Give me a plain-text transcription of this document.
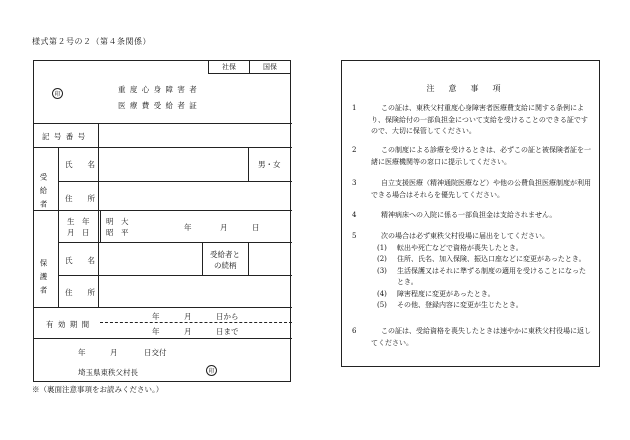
様式第２号の２（第４条関係）
社保	国保
印
重 度 心 身 障 害 者
医 療 費 受 給 者 証
記 号 番 号
受給者
氏　　名	男・女
住　　所
生　年
月　日
明　大
昭　平
年	月	日
保護者 氏　　名
受給者と
の続柄
住　　所
有 効 期 間
年	月	日から
年	月	日まで
年	月	日交付
埼玉県東秩父村長	印
※（裏面注意事項をお読みください。）
注意事項
1	この証は、東秩父村重度心身障害者医療費支給に関する条例により、保険給付の一部負担金について支給を受けることのできる証ですので、大切に保管してください。
2	この制度による診療を受けるときは、必ずこの証と被保険者証を一緒に医療機関等の窓口に提示してください。
3	自立支援医療（精神通院医療など）や他の公費負担医療制度が利用できる場合はそれらを優先してください。
4	精神病床への入院に係る一部負担金は支給されません。
5	次の場合は必ず東秩父村役場に届出をしてください。
(1) 転出や死亡などで資格が喪失したとき。
(2) 住所、氏名、加入保険、振込口座などに変更があったとき。
(3) 生活保護又はそれに準ずる制度の適用を受けることになったとき。
(4) 障害程度に変更があったとき。
(5) その他、登録内容に変更が生じたとき。
6	この証は、受給資格を喪失したときは速やかに東秩父村役場に返してください。
